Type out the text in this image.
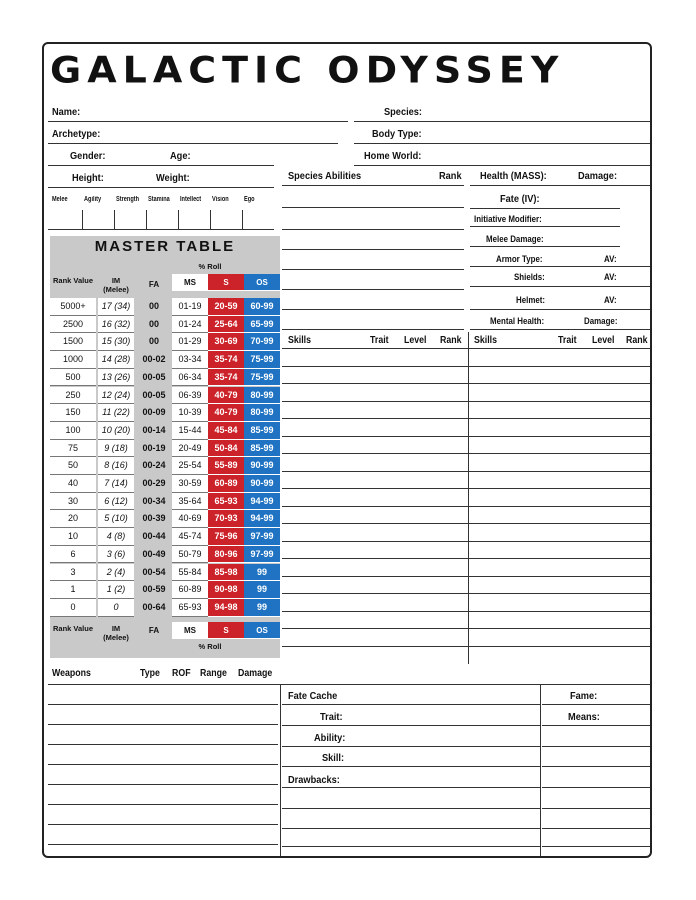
GALACTIC ODYSSEY
Name:	Species:
Archetype:	Body Type:
Gender:	Age:	Home World:
Height:	Weight:
Melee Agility Strength Stamina Intellect Vision Ego
Species Abilities	Rank Health (MASS):	Damage:
Fate (IV):
Initiative Modifier:
Melee Damage:
Armor Type:	AV:
Shields:	AV:
Helmet:	AV:
Mental Health:	Damage:
Skills	Trait Level Rank Skills	Trait Level Rank
MASTER TABLE
% Roll
Rank Value	IM (Melee)
FA	MS	S	OS
5000+	17 (34)	00	01-19	20-59	60-99
2500	16 (32)	00	01-24	25-64	65-99
1500	15 (30)	00	01-29	30-69	70-99
1000	14 (28)	00-02	03-34	35-74	75-99
500	13 (26)	00-05	06-34	35-74	75-99
250	12 (24)	00-05	06-39	40-79	80-99
150	11 (22)	00-09	10-39	40-79	80-99
100	10 (20)	00-14	15-44	45-84	85-99
75	9 (18)	00-19	20-49	50-84	85-99
50	8 (16)	00-24	25-54	55-89	90-99
40	7 (14)	00-29	30-59	60-89	90-99
30	6 (12)	00-34	35-64	65-93	94-99
20	5 (10)	00-39	40-69	70-93	94-99
10	4 (8)	00-44	45-74	75-96	97-99
6	3 (6)	00-49	50-79	80-96	97-99
3	2 (4)	00-54	55-84	85-98	99
1	1 (2)	00-59	60-89	90-98	99
0	0	00-64	65-93	94-98	99
Rank Value	IM (Melee)
FA	MS	S	OS
% Roll
Weapons	Type ROF Range Damage
Fate Cache
Trait:
Ability:
Skill:
Drawbacks:
Fame:
Means:
